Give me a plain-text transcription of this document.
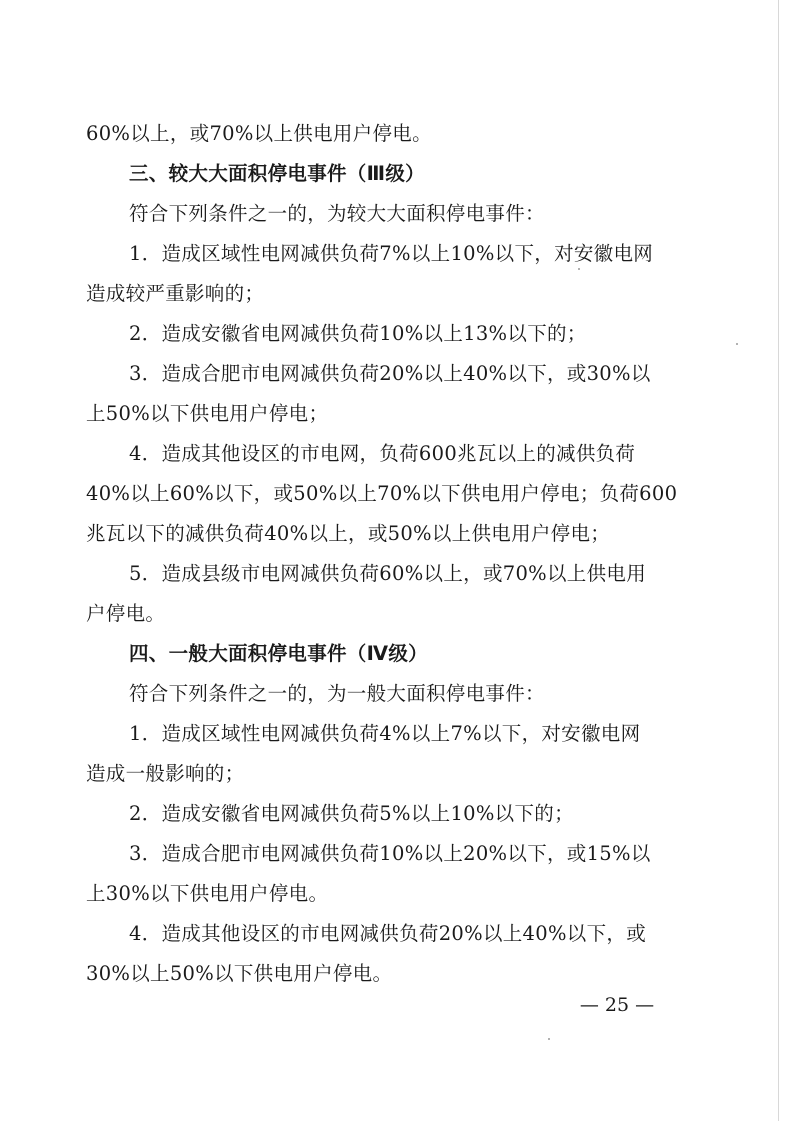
60%以上，或70%以上供电用户停电。
三、较大大面积停电事件（Ⅲ级）
符合下列条件之一的，为较大大面积停电事件：
1．造成区域性电网减供负荷7%以上10%以下，对安徽电网
造成较严重影响的；
2．造成安徽省电网减供负荷10%以上13%以下的；
3．造成合肥市电网减供负荷20%以上40%以下，或30%以
上50%以下供电用户停电；
4．造成其他设区的市电网，负荷600兆瓦以上的减供负荷
40%以上60%以下，或50%以上70%以下供电用户停电；负荷600
兆瓦以下的减供负荷40%以上，或50%以上供电用户停电；
5．造成县级市电网减供负荷60%以上，或70%以上供电用
户停电。
四、一般大面积停电事件（Ⅳ级）
符合下列条件之一的，为一般大面积停电事件：
1．造成区域性电网减供负荷4%以上7%以下，对安徽电网
造成一般影响的；
2．造成安徽省电网减供负荷5%以上10%以下的；
3．造成合肥市电网减供负荷10%以上20%以下，或15%以
上30%以下供电用户停电。
4．造成其他设区的市电网减供负荷20%以上40%以下，或
30%以上50%以下供电用户停电。
— 25 —
